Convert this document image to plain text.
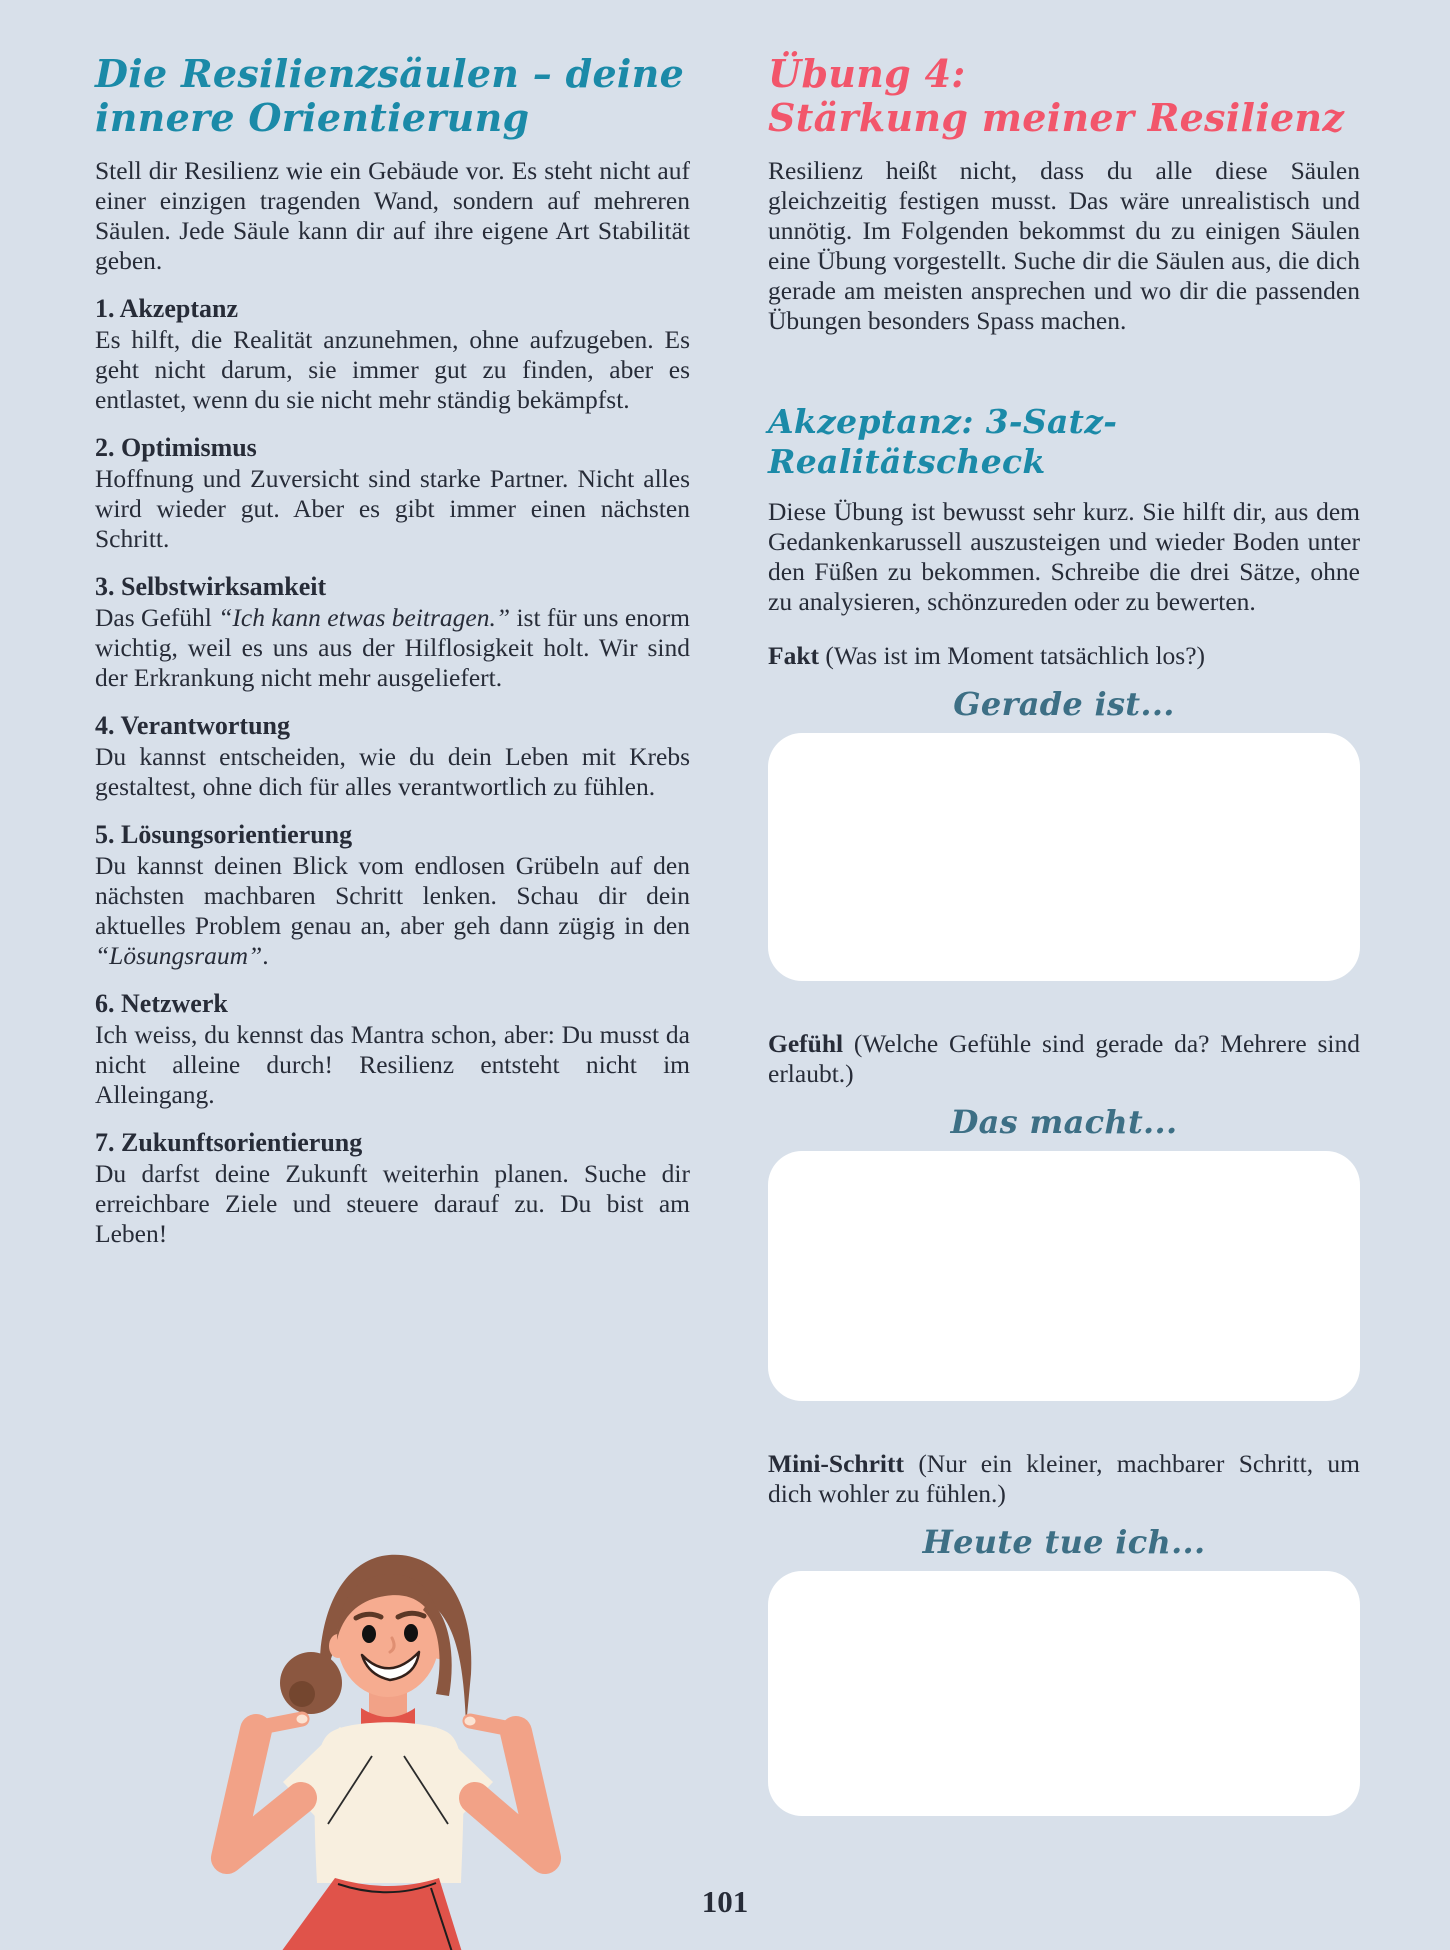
Die Resilienzsäulen – deine innere Orientierung

Stell dir Resilienz wie ein Gebäude vor. Es steht nicht auf einer einzigen tragenden Wand, sondern auf mehreren Säulen. Jede Säule kann dir auf ihre eigene Art Stabilität geben.

1. Akzeptanz

Es hilft, die Realität anzunehmen, ohne aufzugeben. Es geht nicht darum, sie immer gut zu finden, aber es entlastet, wenn du sie nicht mehr ständig bekämpfst.

2. Optimismus

Hoffnung und Zuversicht sind starke Partner. Nicht alles wird wieder gut. Aber es gibt immer einen nächsten Schritt.

3. Selbstwirksamkeit

Das Gefühl “Ich kann etwas beitragen.” ist für uns enorm wichtig, weil es uns aus der Hilflosigkeit holt. Wir sind der Erkrankung nicht mehr ausgeliefert.

4. Verantwortung

Du kannst entscheiden, wie du dein Leben mit Krebs gestaltest, ohne dich für alles verantwortlich zu fühlen.

5. Lösungsorientierung

Du kannst deinen Blick vom endlosen Grübeln auf den nächsten machbaren Schritt lenken. Schau dir dein aktuelles Problem genau an, aber geh dann zügig in den “Lösungsraum”.

6. Netzwerk

Ich weiss, du kennst das Mantra schon, aber: Du musst da nicht alleine durch! Resilienz entsteht nicht im Alleingang.

7. Zukunftsorientierung

Du darfst deine Zukunft weiterhin planen. Suche dir erreichbare Ziele und steuere darauf zu. Du bist am Leben!

Übung 4:
Stärkung meiner Resilienz

Resilienz heißt nicht, dass du alle diese Säulen gleichzeitig festigen musst. Das wäre unrealistisch und unnötig. Im Folgenden bekommst du zu einigen Säulen eine Übung vorgestellt. Suche dir die Säulen aus, die dich gerade am meisten ansprechen und wo dir die passenden Übungen besonders Spass machen.

Akzeptanz: 3-Satz-Realitätscheck

Diese Übung ist bewusst sehr kurz. Sie hilft dir, aus dem Gedankenkarussell auszusteigen und wieder Boden unter den Füßen zu bekommen. Schreibe die drei Sätze, ohne zu analysieren, schönzureden oder zu bewerten.

Fakt (Was ist im Moment tatsächlich los?)

Gerade ist...

Gefühl (Welche Gefühle sind gerade da? Mehrere sind erlaubt.)

Das macht...

Mini-Schritt (Nur ein kleiner, machbarer Schritt, um dich wohler zu fühlen.)

Heute tue ich...
101
